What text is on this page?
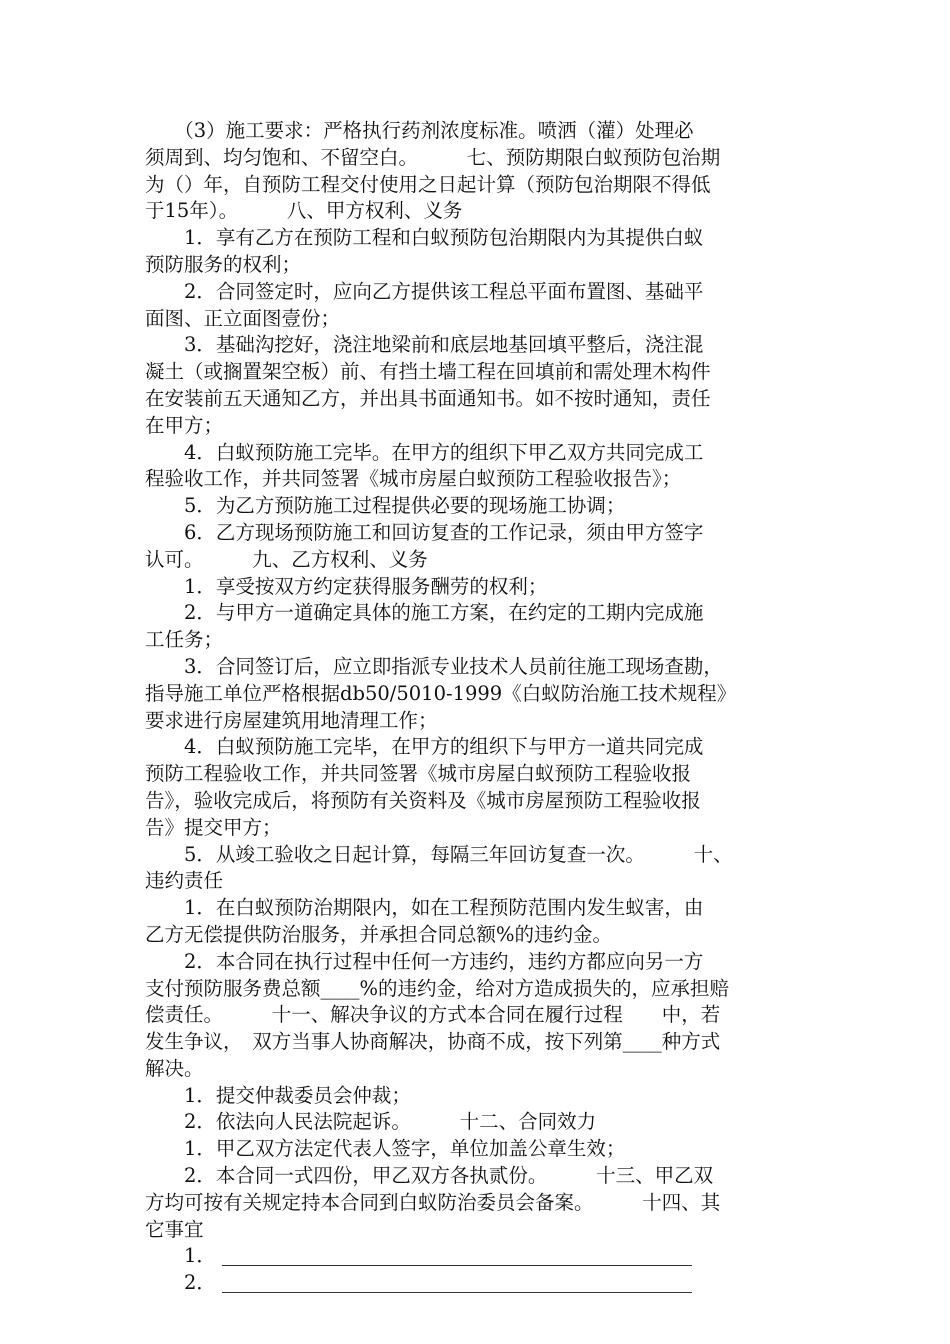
　　（3）施工要求：严格执行药剂浓度标准。喷洒（灌）处理必
须周到、均匀饱和、不留空白。　　　七、预防期限白蚁预防包治期
为（）年，自预防工程交付使用之日起计算（预防包治期限不得低
于15年）。　　　八、甲方权利、义务
　　1．享有乙方在预防工程和白蚁预防包治期限内为其提供白蚁
预防服务的权利；
　　2．合同签定时，应向乙方提供该工程总平面布置图、基础平
面图、正立面图壹份；
　　3．基础沟挖好，浇注地梁前和底层地基回填平整后，浇注混
凝土（或搁置架空板）前、有挡土墙工程在回填前和需处理木构件
在安装前五天通知乙方，并出具书面通知书。如不按时通知，责任
在甲方；
　　4．白蚁预防施工完毕。在甲方的组织下甲乙双方共同完成工
程验收工作，并共同签署《城市房屋白蚁预防工程验收报告》；
　　5．为乙方预防施工过程提供必要的现场施工协调；
　　6．乙方现场预防施工和回访复查的工作记录，须由甲方签字
认可。　　　九、乙方权利、义务
　　1．享受按双方约定获得服务酬劳的权利；
　　2．与甲方一道确定具体的施工方案，在约定的工期内完成施
工任务；
　　3．合同签订后，应立即指派专业技术人员前往施工现场查勘，
指导施工单位严格根据db50/5010-1999《白蚁防治施工技术规程》
要求进行房屋建筑用地清理工作；
　　4．白蚁预防施工完毕，在甲方的组织下与甲方一道共同完成
预防工程验收工作，并共同签署《城市房屋白蚁预防工程验收报
告》，验收完成后，将预防有关资料及《城市房屋预防工程验收报
告》提交甲方；
　　5．从竣工验收之日起计算，每隔三年回访复查一次。　　　十、
违约责任
　　1．在白蚁预防治期限内，如在工程预防范围内发生蚁害，由
乙方无偿提供防治服务，并承担合同总额%的违约金。
　　2．本合同在执行过程中任何一方违约，违约方都应向另一方
支付预防服务费总额____%的违约金，给对方造成损失的，应承担赔
偿责任。　　　十一、解决争议的方式本合同在履行过程　　中，若
发生争议，　双方当事人协商解决，协商不成，按下列第____种方式
解决。
　　1．提交仲裁委员会仲裁；
　　2．依法向人民法院起诉。　　　十二、合同效力
　　1．甲乙双方法定代表人签字，单位加盖公章生效；
　　2．本合同一式四份，甲乙双方各执贰份。　　　十三、甲乙双
方均可按有关规定持本合同到白蚁防治委员会备案。　　　十四、其
它事宜
　　1．
　　2．
